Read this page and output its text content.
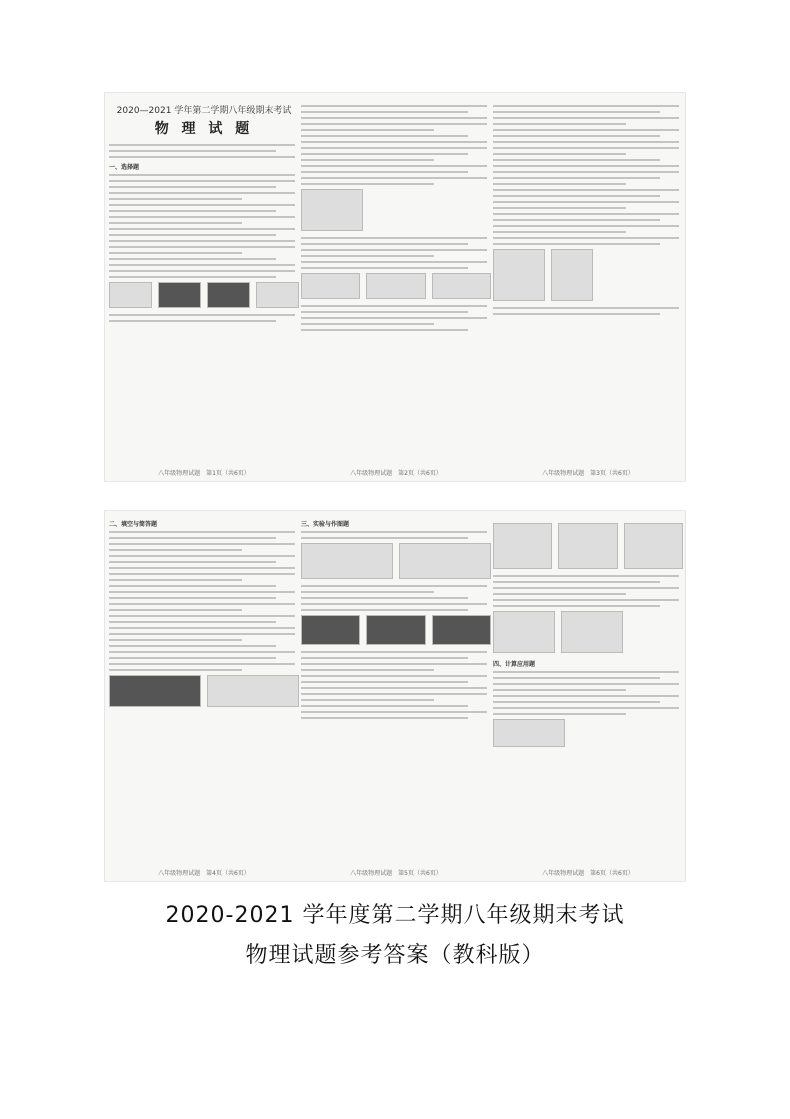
2020—2021 学年第二学期八年级期末考试
物 理 试 题
一、选择题
八年级物理试题　第1页（共6页）	八年级物理试题　第2页（共6页）	八年级物理试题　第3页（共6页）
二、填空与简答题
八年级物理试题　第4页（共6页）
三、实验与作图题
八年级物理试题　第5页（共6页）
四、计算应用题
八年级物理试题　第6页（共6页）
2020-2021 学年度第二学期八年级期末考试
物理试题参考答案（教科版）
